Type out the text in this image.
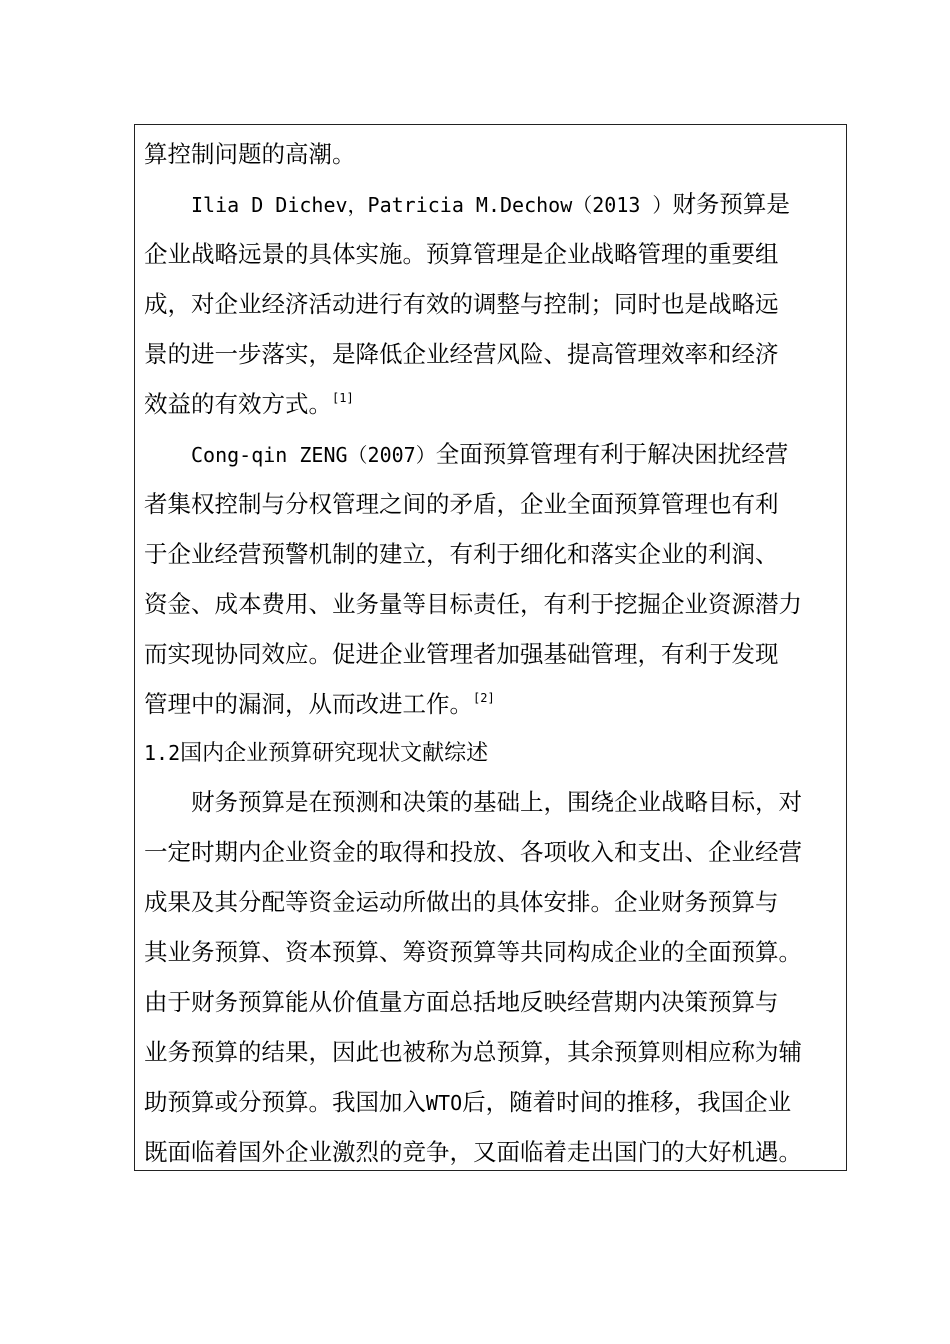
算控制问题的高潮。
Ilia D Dichev，Patricia M.Dechow（2013 ）财务预算是
企业战略远景的具体实施。预算管理是企业战略管理的重要组
成，对企业经济活动进行有效的调整与控制；同时也是战略远
景的进一步落实，是降低企业经营风险、提高管理效率和经济
效益的有效方式。[1]
Cong-qin ZENG（2007）全面预算管理有利于解决困扰经营
者集权控制与分权管理之间的矛盾，企业全面预算管理也有利
于企业经营预警机制的建立，有利于细化和落实企业的利润、
资金、成本费用、业务量等目标责任，有利于挖掘企业资源潜力
而实现协同效应。促进企业管理者加强基础管理，有利于发现
管理中的漏洞，从而改进工作。[2]
1.2国内企业预算研究现状文献综述
财务预算是在预测和决策的基础上，围绕企业战略目标，对
一定时期内企业资金的取得和投放、各项收入和支出、企业经营
成果及其分配等资金运动所做出的具体安排。企业财务预算与
其业务预算、资本预算、筹资预算等共同构成企业的全面预算。
由于财务预算能从价值量方面总括地反映经营期内决策预算与
业务预算的结果，因此也被称为总预算，其余预算则相应称为辅
助预算或分预算。我国加入WTO后，随着时间的推移，我国企业
既面临着国外企业激烈的竞争，又面临着走出国门的大好机遇。
